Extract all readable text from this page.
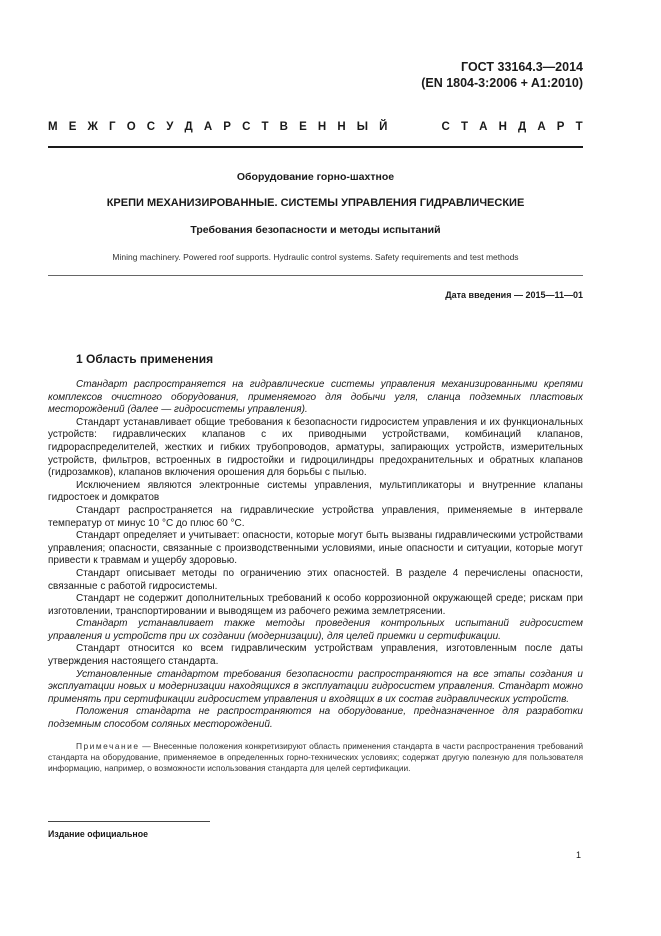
ГОСТ 33164.3—2014
(EN 1804-3:2006 + A1:2010)
М Е Ж Г О С У Д А Р С Т В Е Н Н Ы Й

	С Т А Н Д А Р Т
Оборудование горно-шахтное
КРЕПИ МЕХАНИЗИРОВАННЫЕ. СИСТЕМЫ УПРАВЛЕНИЯ ГИДРАВЛИЧЕСКИЕ
Требования безопасности и методы испытаний
Mining machinery. Powered roof supports. Hydraulic control systems. Safety requirements and test methods
Дата введения — 2015—11—01
1 Область применения

Стандарт распространяется на гидравлические системы управления механизированными крепями комплексов очистного оборудования, применяемого для добычи угля, сланца подземных пластовых месторождений (далее — гидросистемы управления).

Стандарт устанавливает общие требования к безопасности гидросистем управления и их функциональных устройств: гидравлических клапанов с их приводными устройствами, комбинаций клапанов, гидрораспределителей, жестких и гибких трубопроводов, арматуры, запирающих устройств, измерительных устройств, фильтров, встроенных в гидростойки и гидроцилиндры предохранительных и обратных клапанов (гидрозамков), клапанов включения орошения для борьбы с пылью.

Исключением являются электронные системы управления, мультипликаторы и внутренние клапаны гидростоек и домкратов

Стандарт распространяется на гидравлические устройства управления, применяемые в интервале температур от минус 10 °С до плюс 60 °С.

Стандарт определяет и учитывает: опасности, которые могут быть вызваны гидравлическими устройствами управления; опасности, связанные с производственными условиями, иные опасности и ситуации, которые могут привести к травмам и ущербу здоровью.

Стандарт описывает методы по ограничению этих опасностей. В разделе 4 перечислены опасности, связанные с работой гидросистемы.

Стандарт не содержит дополнительных требований к особо коррозионной окружающей среде; рискам при изготовлении, транспортировании и выводящем из рабочего режима землетрясении.

Стандарт устанавливает также методы проведения контрольных испытаний гидросистем управления и устройств при их создании (модернизации), для целей приемки и сертификации.

Стандарт относится ко всем гидравлическим устройствам управления, изготовленным после даты утверждения настоящего стандарта.

Установленные стандартом требования безопасности распространяются на все этапы создания и эксплуатации новых и модернизации находящихся в эксплуатации гидросистем управления. Стандарт можно применять при сертификации гидросистем управления и входящих в их состав гидравлических устройств.

Положения стандарта не распространяются на оборудование, предназначенное для разработки подземным способом соляных месторождений.

Примечание — Внесенные положения конкретизируют область применения стандарта в части распространения требований стандарта на оборудование, применяемое в определенных горно-технических условиях; содержат другую полезную для пользователя информацию, например, о возможности использования стандарта для целей сертификации.

Издание официальное
1
